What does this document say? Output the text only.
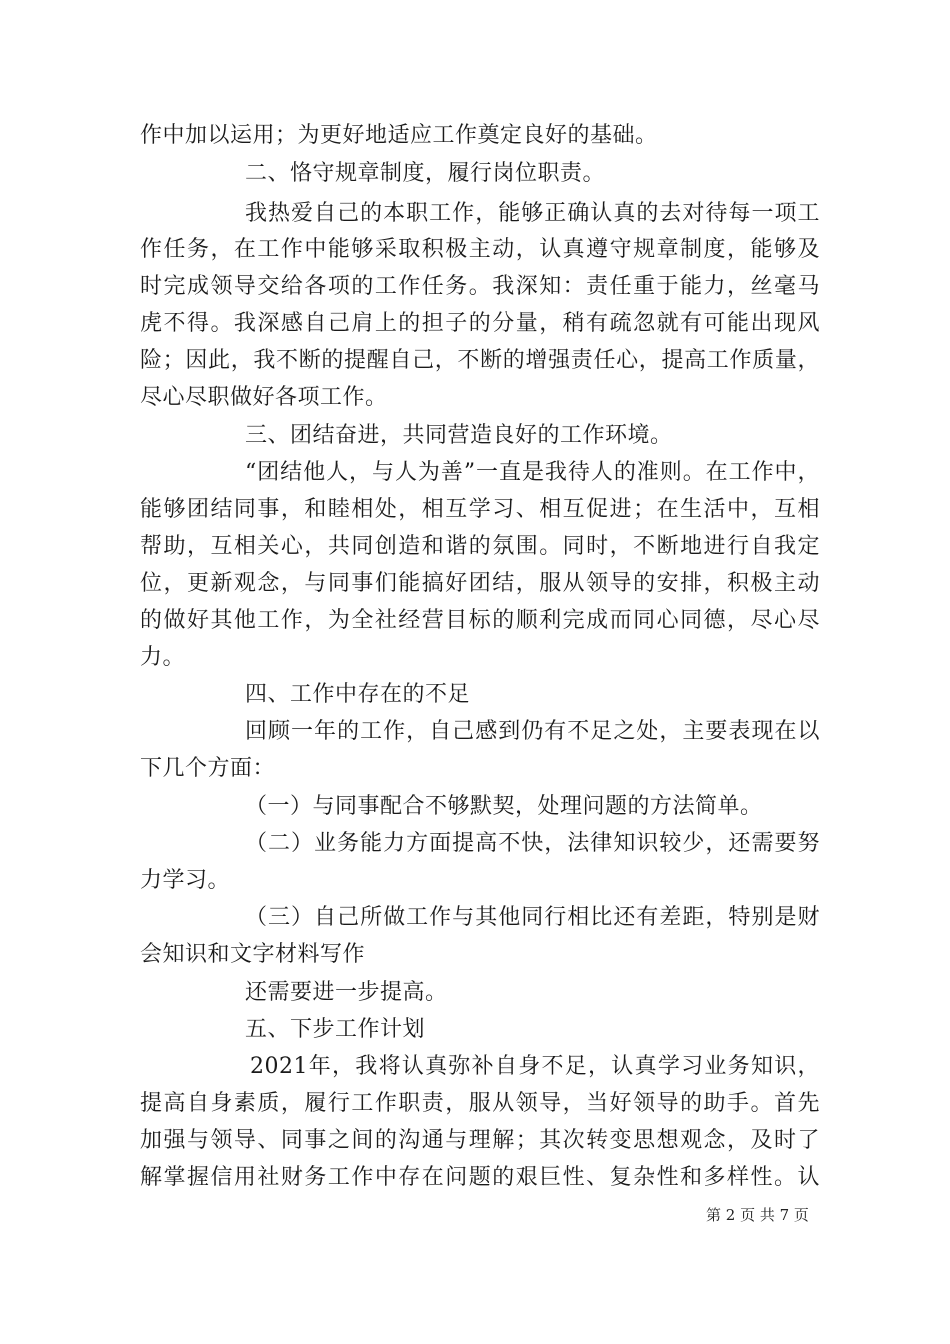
作中加以运用；为更好地适应工作奠定良好的基础。
二、恪守规章制度，履行岗位职责。
我热爱自己的本职工作，能够正确认真的去对待每一项工
作任务，在工作中能够采取积极主动，认真遵守规章制度，能够及
时完成领导交给各项的工作任务。我深知：责任重于能力，丝毫马
虎不得。我深感自己肩上的担子的分量，稍有疏忽就有可能出现风
险；因此，我不断的提醒自己，不断的增强责任心，提高工作质量，
尽心尽职做好各项工作。
三、团结奋进，共同营造良好的工作环境。
“团结他人，与人为善”一直是我待人的准则。在工作中，
能够团结同事，和睦相处，相互学习、相互促进；在生活中，互相
帮助，互相关心，共同创造和谐的氛围。同时，不断地进行自我定
位，更新观念，与同事们能搞好团结，服从领导的安排，积极主动
的做好其他工作，为全社经营目标的顺利完成而同心同德，尽心尽
力。
四、工作中存在的不足
回顾一年的工作，自己感到仍有不足之处，主要表现在以
下几个方面：
（一）与同事配合不够默契，处理问题的方法简单。
（二）业务能力方面提高不快，法律知识较少，还需要努
力学习。
（三）自己所做工作与其他同行相比还有差距，特别是财
会知识和文字材料写作
还需要进一步提高。
五、下步工作计划
2021年，我将认真弥补自身不足，认真学习业务知识，
提高自身素质，履行工作职责，服从领导，当好领导的助手。首先
加强与领导、同事之间的沟通与理解；其次转变思想观念，及时了
解掌握信用社财务工作中存在问题的艰巨性、复杂性和多样性。认
第 2 页 共 7 页
